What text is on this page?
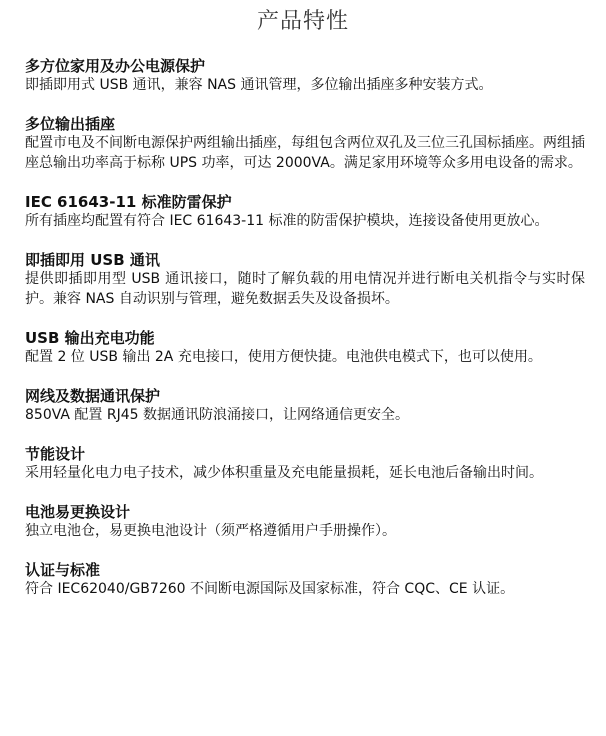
产品特性

多方位家用及办公电源保护

即插即用式 USB 通讯，兼容 NAS 通讯管理，多位输出插座多种安装方式。

多位输出插座

配置市电及不间断电源保护两组输出插座，每组包含两位双孔及三位三孔国标插座。两组插座总输出功率高于标称 UPS 功率，可达 2000VA。满足家用环境等众多用电设备的需求。

IEC 61643-11 标准防雷保护

所有插座均配置有符合 IEC 61643-11 标准的防雷保护模块，连接设备使用更放心。

即插即用 USB 通讯

提供即插即用型 USB 通讯接口，随时了解负载的用电情况并进行断电关机指令与实时保护。兼容 NAS 自动识别与管理，避免数据丢失及设备损坏。

USB 输出充电功能

配置 2 位 USB 输出 2A 充电接口，使用方便快捷。电池供电模式下，也可以使用。

网线及数据通讯保护

850VA 配置 RJ45 数据通讯防浪涌接口，让网络通信更安全。

节能设计

采用轻量化电力电子技术，减少体积重量及充电能量损耗，延长电池后备输出时间。

电池易更换设计

独立电池仓，易更换电池设计（须严格遵循用户手册操作）。

认证与标准

符合 IEC62040/GB7260 不间断电源国际及国家标准，符合 CQC、CE 认证。
